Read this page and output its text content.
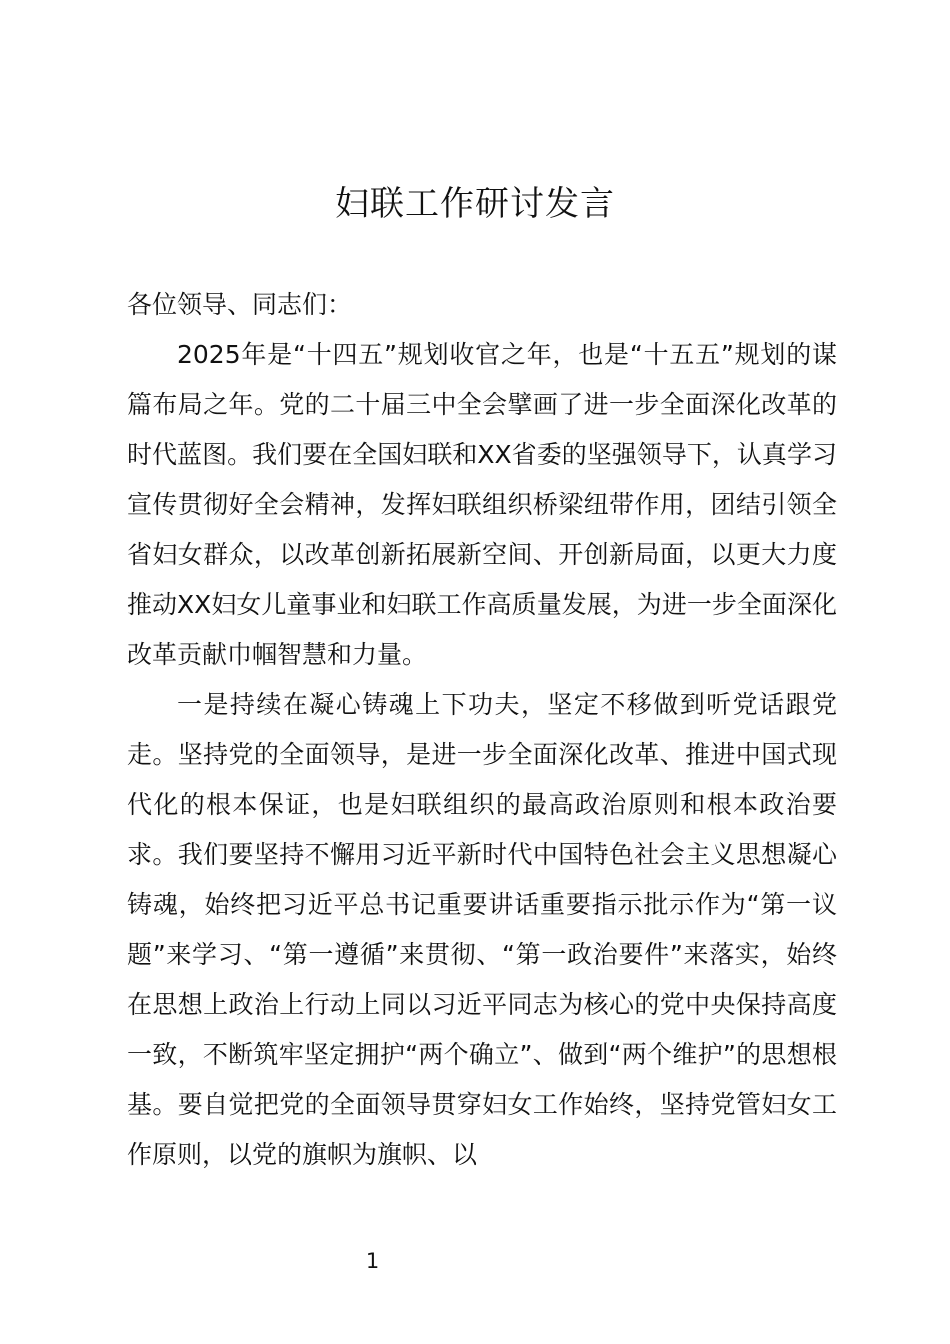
妇联工作研讨发言

各位领导、同志们：

2025年是“十四五”规划收官之年，也是“十五五”规划的谋篇布局之年。党的二十届三中全会擘画了进一步全面深化改革的时代蓝图。我们要在全国妇联和XX省委的坚强领导下，认真学习宣传贯彻好全会精神，发挥妇联组织桥梁纽带作用，团结引领全省妇女群众，以改革创新拓展新空间、开创新局面，以更大力度推动XX妇女儿童事业和妇联工作高质量发展，为进一步全面深化改革贡献巾帼智慧和力量。

一是持续在凝心铸魂上下功夫，坚定不移做到听党话跟党走。坚持党的全面领导，是进一步全面深化改革、推进中国式现代化的根本保证，也是妇联组织的最高政治原则和根本政治要求。我们要坚持不懈用习近平新时代中国特色社会主义思想凝心铸魂，始终把习近平总书记重要讲话重要指示批示作为“第一议题”来学习、“第一遵循”来贯彻、“第一政治要件”来落实，始终在思想上政治上行动上同以习近平同志为核心的党中央保持高度一致，不断筑牢坚定拥护“两个确立”、做到“两个维护”的思想根基。要自觉把党的全面领导贯穿妇女工作始终，坚持党管妇女工作原则，以党的旗帜为旗帜、以

1
